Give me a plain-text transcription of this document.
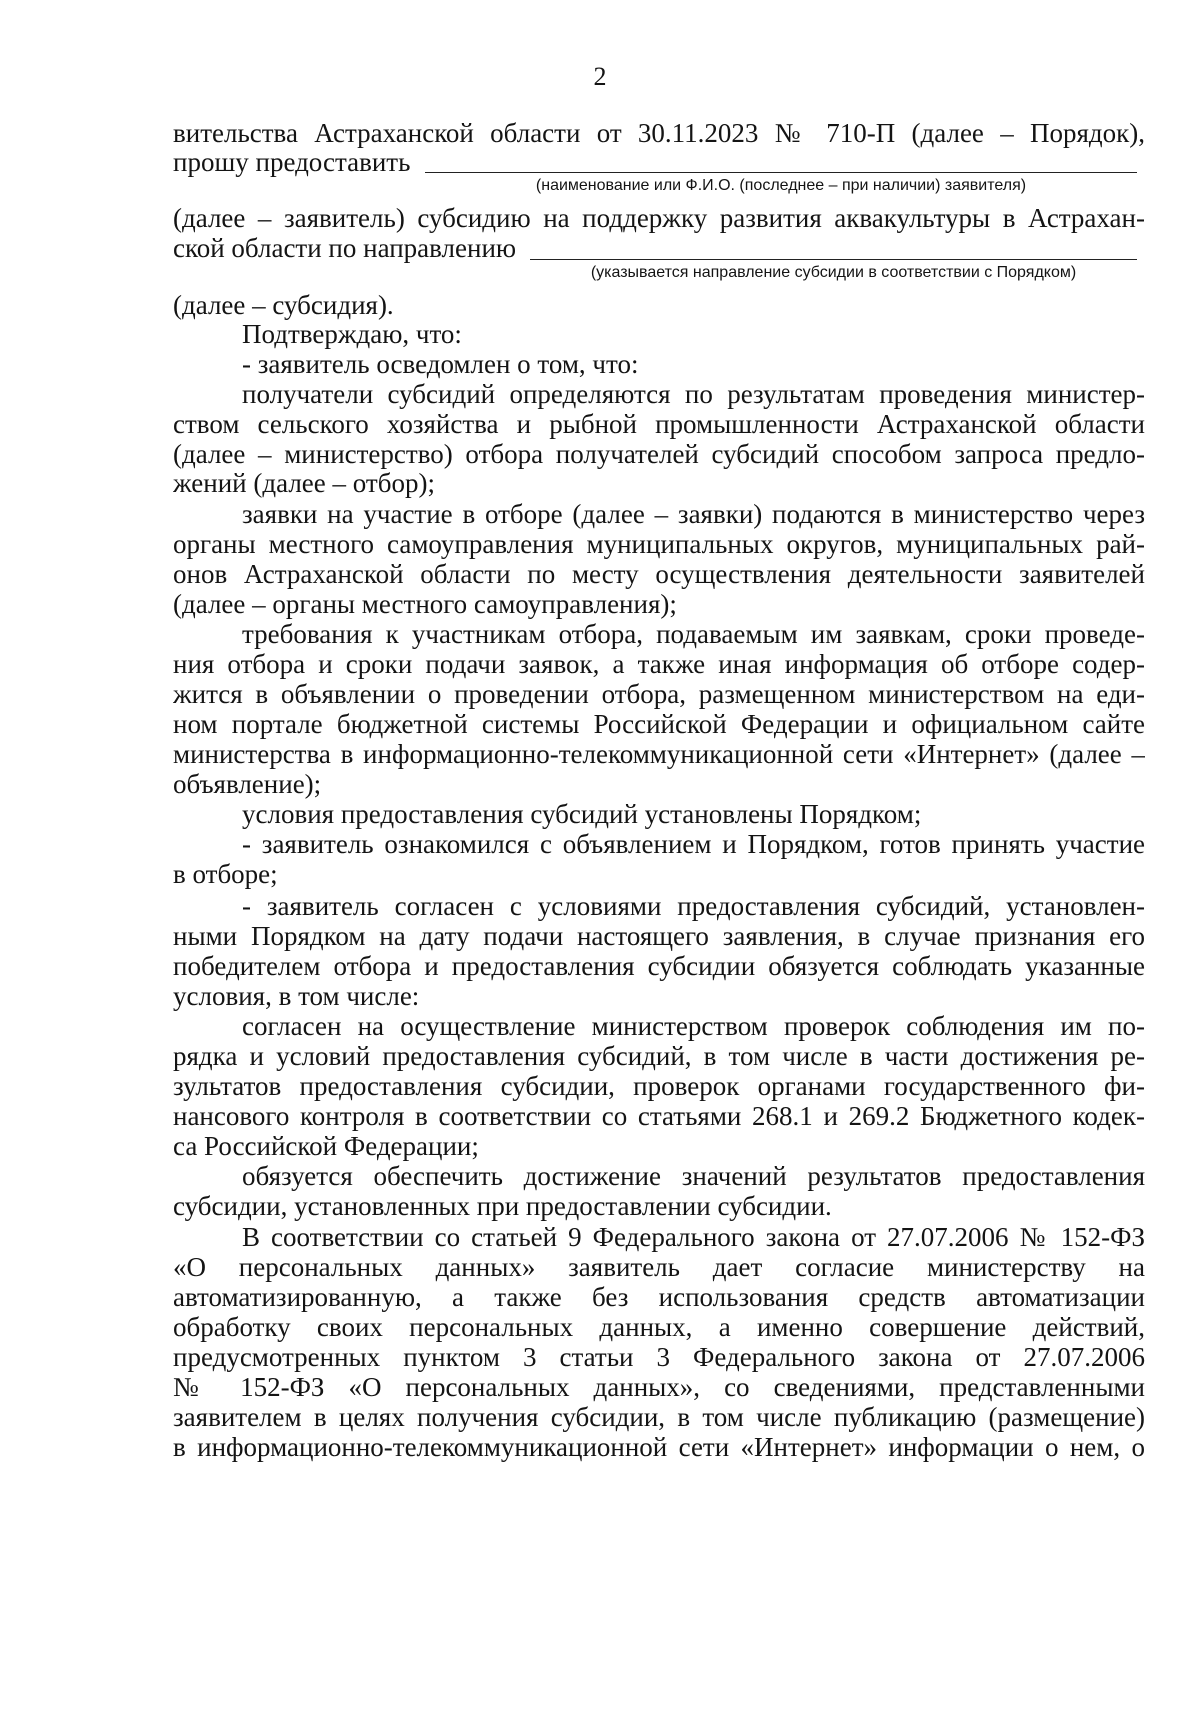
2
вительства Астраханской области от 30.11.2023 № 710-П (далее – Порядок),
прошу предоставить
(наименование или Ф.И.О. (последнее – при наличии) заявителя)
(далее – заявитель) субсидию на поддержку развития аквакультуры в Астрахан-
ской области по направлению
(указывается направление субсидии в соответствии с Порядком)
(далее – субсидия).
Подтверждаю, что:
- заявитель осведомлен о том, что:
получатели субсидий определяются по результатам проведения министер-
ством сельского хозяйства и рыбной промышленности Астраханской области
(далее – министерство) отбора получателей субсидий способом запроса предло-
жений (далее – отбор);
заявки на участие в отборе (далее – заявки) подаются в министерство через
органы местного самоуправления муниципальных округов, муниципальных рай-
онов Астраханской области по месту осуществления деятельности заявителей
(далее – органы местного самоуправления);
требования к участникам отбора, подаваемым им заявкам, сроки проведе-
ния отбора и сроки подачи заявок, а также иная информация об отборе содер-
жится в объявлении о проведении отбора, размещенном министерством на еди-
ном портале бюджетной системы Российской Федерации и официальном сайте
министерства в информационно-телекоммуникационной сети «Интернет» (далее –
объявление);
условия предоставления субсидий установлены Порядком;
- заявитель ознакомился с объявлением и Порядком, готов принять участие
в отборе;
- заявитель согласен с условиями предоставления субсидий, установлен-
ными Порядком на дату подачи настоящего заявления, в случае признания его
победителем отбора и предоставления субсидии обязуется соблюдать указанные
условия, в том числе:
согласен на осуществление министерством проверок соблюдения им по-
рядка и условий предоставления субсидий, в том числе в части достижения ре-
зультатов предоставления субсидии, проверок органами государственного фи-
нансового контроля в соответствии со статьями 268.1 и 269.2 Бюджетного кодек-
са Российской Федерации;
обязуется обеспечить достижение значений результатов предоставления
субсидии, установленных при предоставлении субсидии.
В соответствии со статьей 9 Федерального закона от 27.07.2006 № 152-ФЗ
«О персональных данных» заявитель дает согласие министерству на
автоматизированную, а также без использования средств автоматизации
обработку своих персональных данных, а именно совершение действий,
предусмотренных пунктом 3 статьи 3 Федерального закона от 27.07.2006
№ 152-ФЗ «О персональных данных», со сведениями, представленными
заявителем в целях получения субсидии, в том числе публикацию (размещение)
в информационно-телекоммуникационной сети «Интернет» информации о нем, о
